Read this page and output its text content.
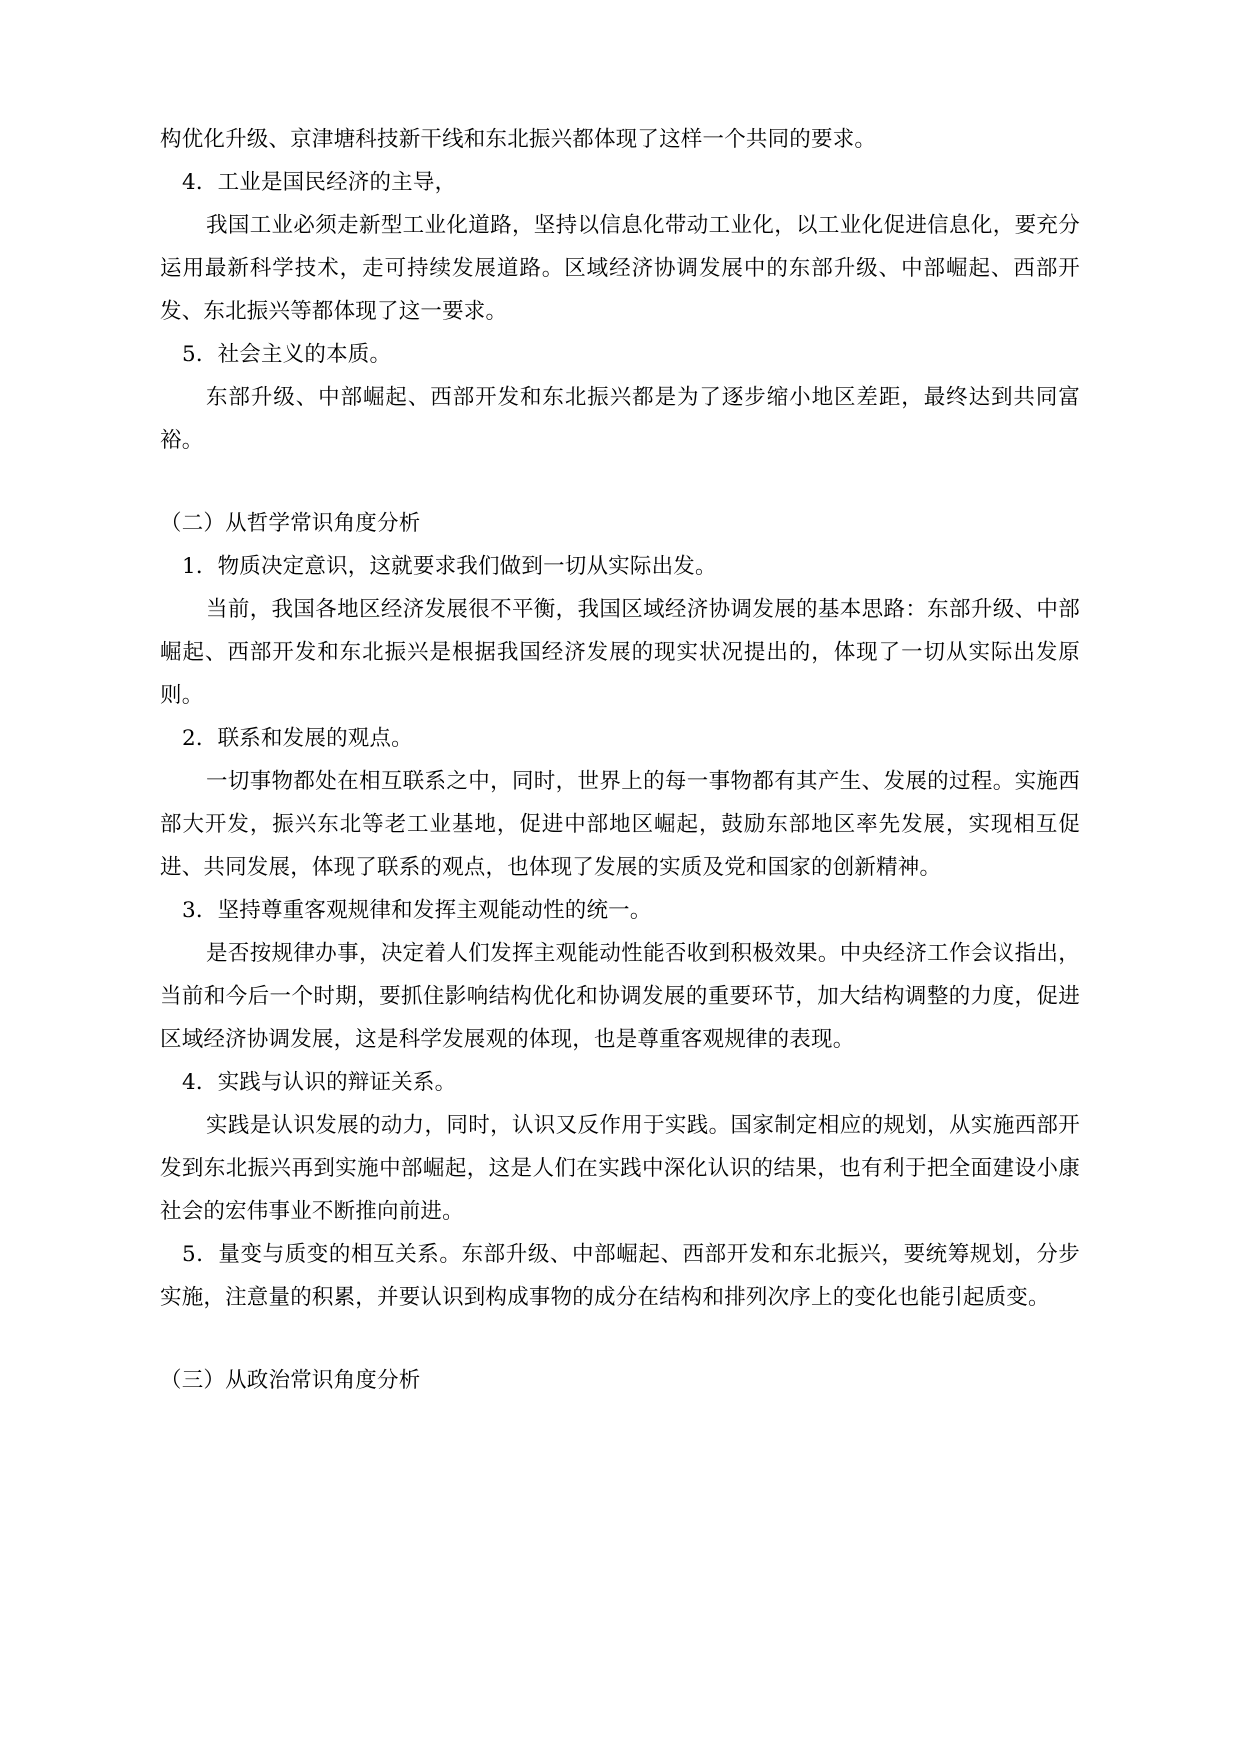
构优化升级、京津塘科技新干线和东北振兴都体现了这样一个共同的要求。

4．工业是国民经济的主导，

我国工业必须走新型工业化道路，坚持以信息化带动工业化，以工业化促进信息化，要充分运用最新科学技术，走可持续发展道路。区域经济协调发展中的东部升级、中部崛起、西部开发、东北振兴等都体现了这一要求。

5．社会主义的本质。

东部升级、中部崛起、西部开发和东北振兴都是为了逐步缩小地区差距，最终达到共同富裕。

（二）从哲学常识角度分析

1．物质决定意识，这就要求我们做到一切从实际出发。

当前，我国各地区经济发展很不平衡，我国区域经济协调发展的基本思路：东部升级、中部崛起、西部开发和东北振兴是根据我国经济发展的现实状况提出的，体现了一切从实际出发原则。

2．联系和发展的观点。

一切事物都处在相互联系之中，同时，世界上的每一事物都有其产生、发展的过程。实施西部大开发，振兴东北等老工业基地，促进中部地区崛起，鼓励东部地区率先发展，实现相互促进、共同发展，体现了联系的观点，也体现了发展的实质及党和国家的创新精神。

3．坚持尊重客观规律和发挥主观能动性的统一。

是否按规律办事，决定着人们发挥主观能动性能否收到积极效果。中央经济工作会议指出，当前和今后一个时期，要抓住影响结构优化和协调发展的重要环节，加大结构调整的力度，促进区域经济协调发展，这是科学发展观的体现，也是尊重客观规律的表现。

4．实践与认识的辩证关系。

实践是认识发展的动力，同时，认识又反作用于实践。国家制定相应的规划，从实施西部开发到东北振兴再到实施中部崛起，这是人们在实践中深化认识的结果，也有利于把全面建设小康社会的宏伟事业不断推向前进。

5．量变与质变的相互关系。东部升级、中部崛起、西部开发和东北振兴，要统筹规划，分步实施，注意量的积累，并要认识到构成事物的成分在结构和排列次序上的变化也能引起质变。

（三）从政治常识角度分析
